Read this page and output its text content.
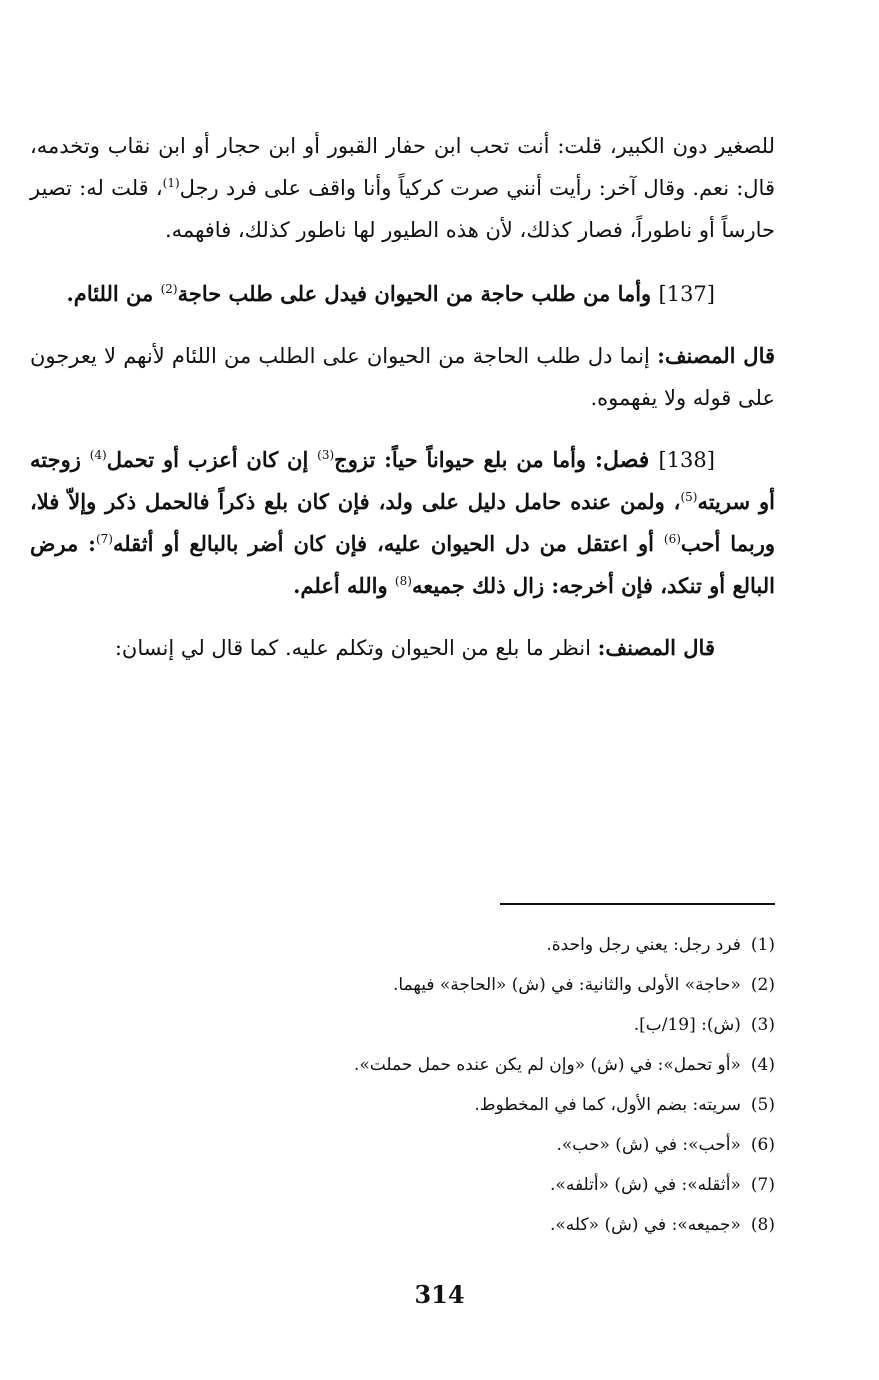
للصغير دون الكبير، قلت: أنت تحب ابن حفار القبور أو ابن حجار أو ابن نقاب وتخدمه، قال: نعم. وقال آخر: رأيت أنني صرت كركياً وأنا واقف على فرد رجل$^{(1)}$، قلت له: تصير حارساً أو ناطوراً، فصار كذلك، لأن هذه الطيور لها ناطور كذلك، فافهمه.

[137] وأما من طلب حاجة من الحيوان فيدل على طلب حاجة$^{(2)}$ من اللئام.

قال المصنف: إنما دل طلب الحاجة من الحيوان على الطلب من اللئام لأنهم لا يعرجون على قوله ولا يفهموه.

[138] فصل: وأما من بلع حيواناً حياً: تزوج$^{(3)}$ إن كان أعزب أو تحمل$^{(4)}$ زوجته أو سريته$^{(5)}$، ولمن عنده حامل دليل على ولد، فإن كان بلع ذكراً فالحمل ذكر وإلاّ فلا، وربما أحب$^{(6)}$ أو اعتقل من دل الحيوان عليه، فإن كان أضر بالبالع أو أثقله$^{(7)}$: مرض البالع أو تنكد، فإن أخرجه: زال ذلك جميعه$^{(8)}$ والله أعلم.

قال المصنف: انظر ما بلع من الحيوان وتكلم عليه. كما قال لي إنسان:

(1)فرد رجل: يعني رجل واحدة.
(2)«حاجة» الأولى والثانية: في (ش) «الحاجة» فيهما.
(3)(ش): [19/ب].
(4)«أو تحمل»: في (ش) «وإن لم يكن عنده حمل حملت».
(5)سريته: بضم الأول، كما في المخطوط.
(6)«أحب»: في (ش) «حب».
(7)«أثقله»: في (ش) «أتلفه».
(8)«جميعه»: في (ش) «كله».
314
